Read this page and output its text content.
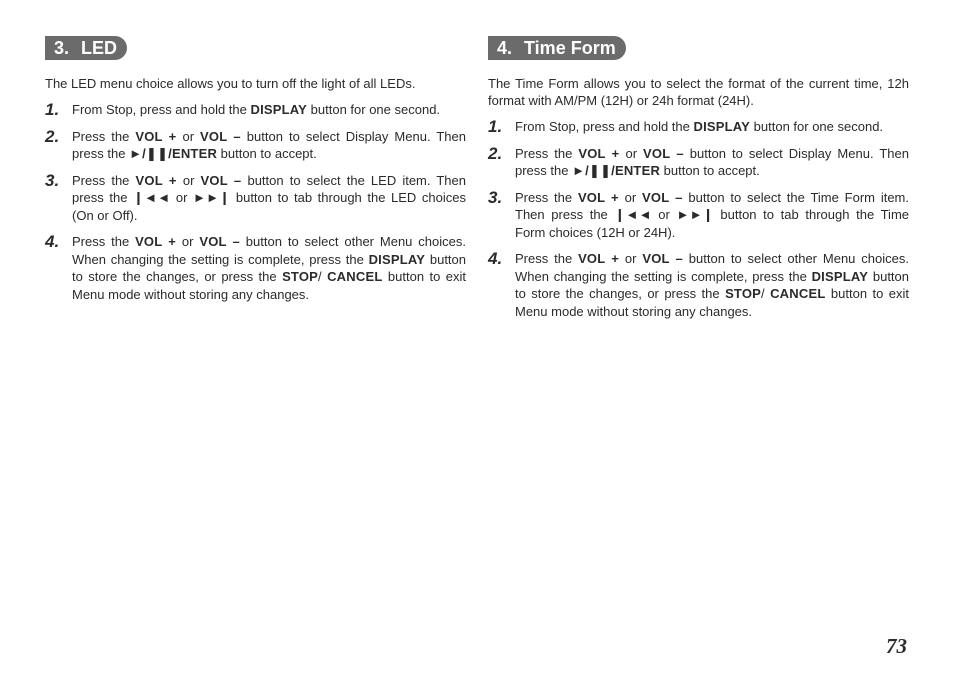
3. LED

The LED menu choice allows you to turn off the light of all LEDs.

1. From Stop, press and hold the DISPLAY button for one second.
2. Press the VOL + or VOL – button to select Display Menu. Then press the ►/❚❚/ENTER button to accept.
3. Press the VOL + or VOL – button to select the LED item. Then press the ❙◄◄ or ►►❙ button to tab through the LED choices (On or Off).
4. Press the VOL + or VOL – button to select other Menu choices. When changing the setting is complete, press the DISPLAY button to store the changes, or press the STOP/ CANCEL button to exit Menu mode without storing any changes.
4. Time Form

The Time Form allows you to select the format of the current time, 12h format with AM/PM (12H) or 24h format (24H).

1. From Stop, press and hold the DISPLAY button for one second.
2. Press the VOL + or VOL – button to select Display Menu. Then press the ►/❚❚/ENTER button to accept.
3. Press the VOL + or VOL – button to select the Time Form item. Then press the ❙◄◄ or ►►❙ button to tab through the Time Form choices (12H or 24H).
4. Press the VOL + or VOL – button to select other Menu choices. When changing the setting is complete, press the DISPLAY button to store the changes, or press the STOP/ CANCEL button to exit Menu mode without storing any changes.
73
